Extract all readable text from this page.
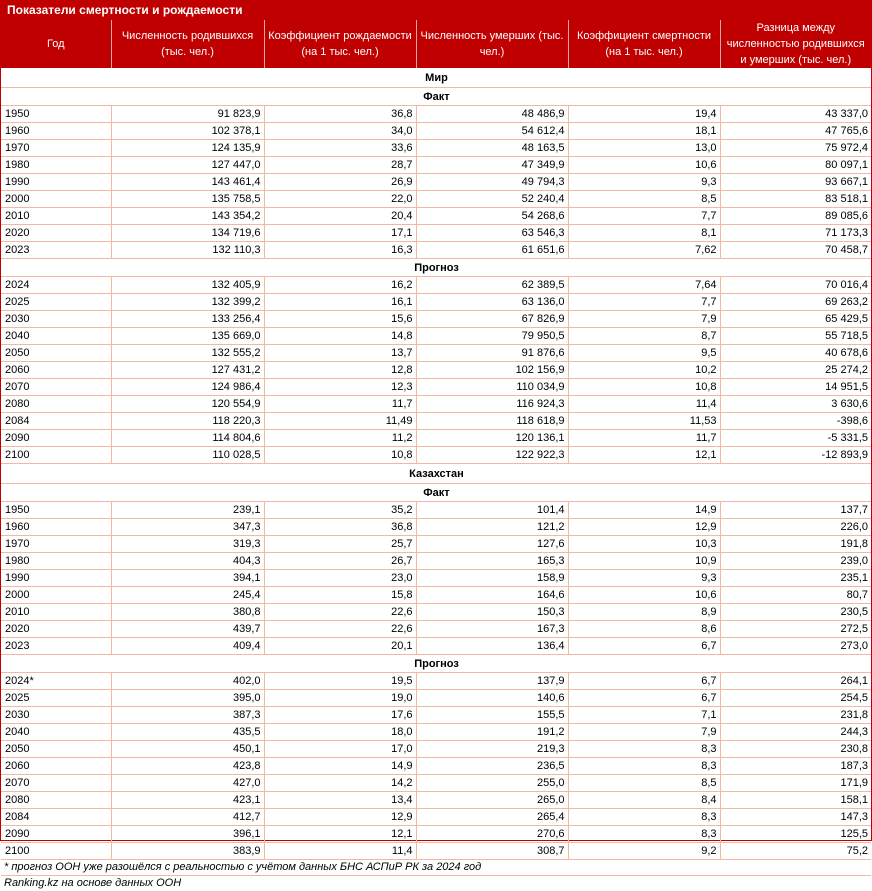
Показатели смертности и рождаемости
Год	Численность родившихся (тыс. чел.)	Коэффициент рождаемости (на 1 тыс. чел.)	Численность умерших (тыс. чел.)	Коэффициент смертности (на 1 тыс. чел.)	Разница между численностью родившихся и умерших (тыс. чел.)
Мир					
Факт					
1950	91 823,9	36,8	48 486,9	19,4	43 337,0
1960	102 378,1	34,0	54 612,4	18,1	47 765,6
1970	124 135,9	33,6	48 163,5	13,0	75 972,4
1980	127 447,0	28,7	47 349,9	10,6	80 097,1
1990	143 461,4	26,9	49 794,3	9,3	93 667,1
2000	135 758,5	22,0	52 240,4	8,5	83 518,1
2010	143 354,2	20,4	54 268,6	7,7	89 085,6
2020	134 719,6	17,1	63 546,3	8,1	71 173,3
2023	132 110,3	16,3	61 651,6	7,62	70 458,7
Прогноз					
2024	132 405,9	16,2	62 389,5	7,64	70 016,4
2025	132 399,2	16,1	63 136,0	7,7	69 263,2
2030	133 256,4	15,6	67 826,9	7,9	65 429,5
2040	135 669,0	14,8	79 950,5	8,7	55 718,5
2050	132 555,2	13,7	91 876,6	9,5	40 678,6
2060	127 431,2	12,8	102 156,9	10,2	25 274,2
2070	124 986,4	12,3	110 034,9	10,8	14 951,5
2080	120 554,9	11,7	116 924,3	11,4	3 630,6
2084	118 220,3	11,49	118 618,9	11,53	-398,6
2090	114 804,6	11,2	120 136,1	11,7	-5 331,5
2100	110 028,5	10,8	122 922,3	12,1	-12 893,9
Казахстан					
Факт					
1950	239,1	35,2	101,4	14,9	137,7
1960	347,3	36,8	121,2	12,9	226,0
1970	319,3	25,7	127,6	10,3	191,8
1980	404,3	26,7	165,3	10,9	239,0
1990	394,1	23,0	158,9	9,3	235,1
2000	245,4	15,8	164,6	10,6	80,7
2010	380,8	22,6	150,3	8,9	230,5
2020	439,7	22,6	167,3	8,6	272,5
2023	409,4	20,1	136,4	6,7	273,0
Прогноз					
2024*	402,0	19,5	137,9	6,7	264,1
2025	395,0	19,0	140,6	6,7	254,5
2030	387,3	17,6	155,5	7,1	231,8
2040	435,5	18,0	191,2	7,9	244,3
2050	450,1	17,0	219,3	8,3	230,8
2060	423,8	14,9	236,5	8,3	187,3
2070	427,0	14,2	255,0	8,5	171,9
2080	423,1	13,4	265,0	8,4	158,1
2084	412,7	12,9	265,4	8,3	147,3
2090	396,1	12,1	270,6	8,3	125,5
2100	383,9	11,4	308,7	9,2	75,2
* прогноз ООН уже разошёлся с реальностью с учётом данных БНС АСПиР РК за 2024 год
Ranking.kz на основе данных ООН
